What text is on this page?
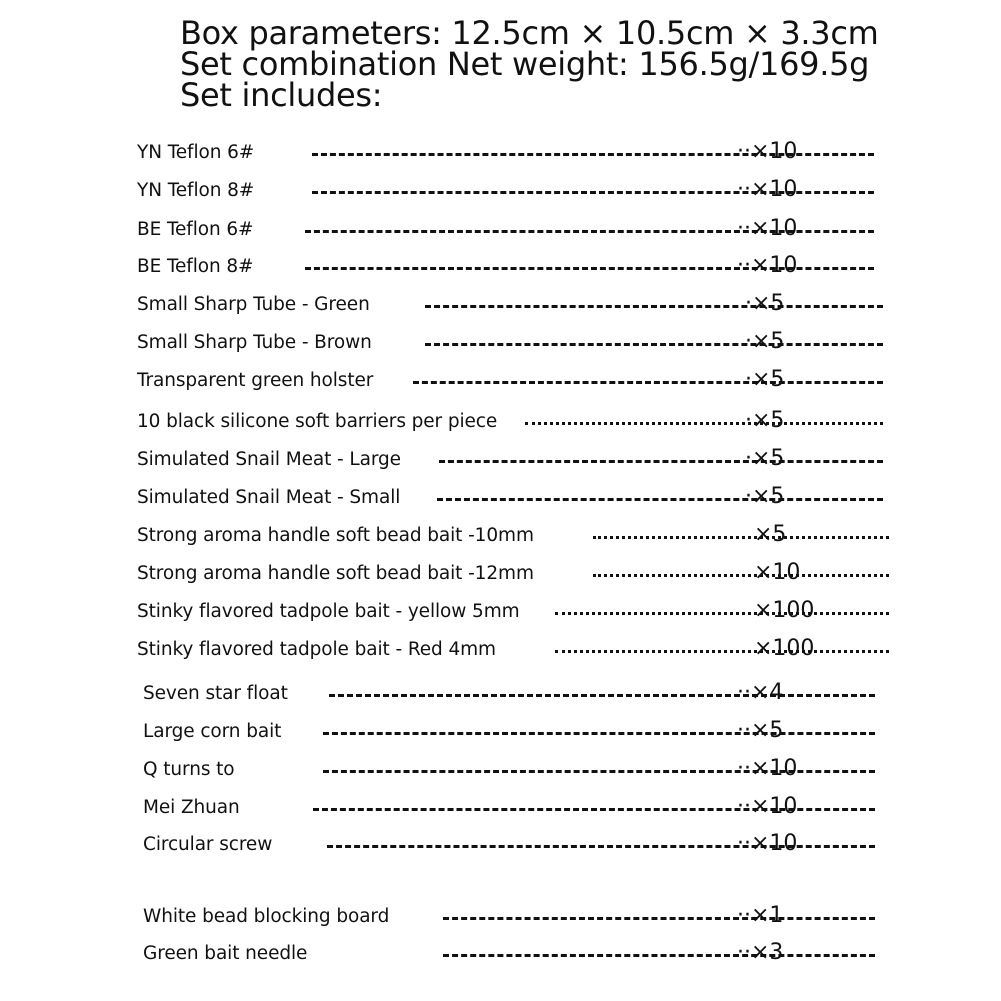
Box parameters: 12.5cm × 10.5cm × 3.3cm
Set combination Net weight: 156.5g/169.5g
Set includes:
YN Teflon 6#	··×10
YN Teflon 8#	··×10
BE Teflon 6#	··×10
BE Teflon 8#	··×10
Small Sharp Tube - Green	·×5
Small Sharp Tube - Brown	·×5
Transparent green holster	·×5
10 black silicone soft barriers per piece	·×5
Simulated Snail Meat - Large	·×5
Simulated Snail Meat - Small	·×5
Strong aroma handle soft bead bait -10mm	×5
Strong aroma handle soft bead bait -12mm	×10
Stinky flavored tadpole bait - yellow 5mm	×100
Stinky flavored tadpole bait - Red 4mm	×100
Seven star float	··×4
Large corn bait	··×5
Q turns to	··×10
Mei Zhuan	··×10
Circular screw	··×10
White bead blocking board	··×1
Green bait needle	··×3
